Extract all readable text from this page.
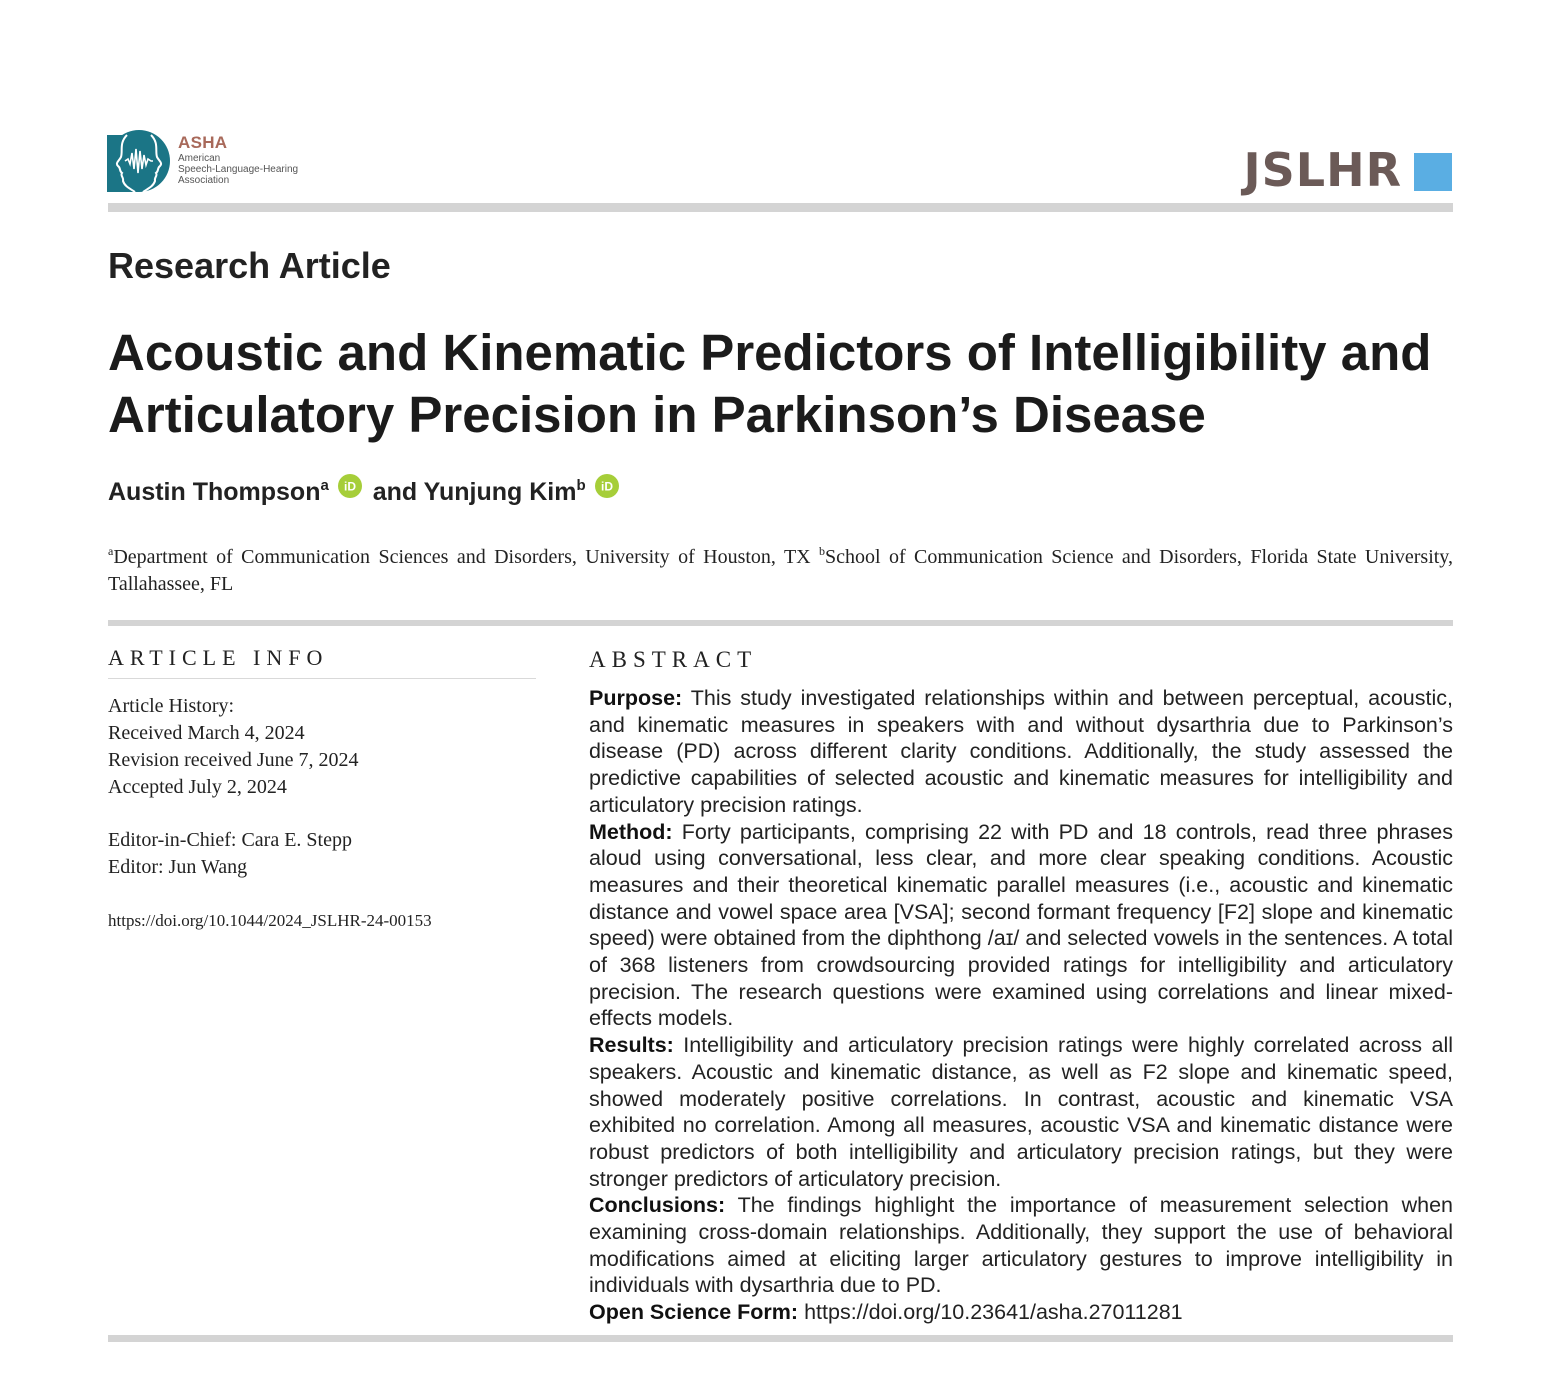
ASHA
American
Speech-Language-Hearing
Association	JSLHR
Research Article
Acoustic and Kinematic Predictors of Intelligibility and Articulatory Precision in Parkinson’s Disease
Austin Thompson$^a$ iD and Yunjung Kim$^b$ iD
$^a$Department of Communication Sciences and Disorders, University of Houston, TX $^b$School of Communication Science and Disorders, Florida State University, Tallahassee, FL
ARTICLE INFO
Article History:
Received March 4, 2024
Revision received June 7, 2024
Accepted July 2, 2024
Editor-in-Chief: Cara E. Stepp
Editor: Jun Wang
https://doi.org/10.1044/2024_JSLHR-24-00153
ABSTRACT

Purpose: This study investigated relationships within and between perceptual, acoustic, and kinematic measures in speakers with and without dysarthria due to Parkinson’s disease (PD) across different clarity conditions. Additionally, the study assessed the predictive capabilities of selected acoustic and kinematic measures for intelligibility and articulatory precision ratings.

Method: Forty participants, comprising 22 with PD and 18 controls, read three phrases aloud using conversational, less clear, and more clear speaking conditions. Acoustic measures and their theoretical kinematic parallel measures (i.e., acoustic and kinematic distance and vowel space area [VSA]; second formant frequency [F2] slope and kinematic speed) were obtained from the diphthong /aɪ/ and selected vowels in the sentences. A total of 368 listeners from crowdsourcing provided ratings for intelligibility and articulatory precision. The research questions were examined using correlations and linear mixed-effects models.

Results: Intelligibility and articulatory precision ratings were highly correlated across all speakers. Acoustic and kinematic distance, as well as F2 slope and kinematic speed, showed moderately positive correlations. In contrast, acoustic and kinematic VSA exhibited no correlation. Among all measures, acoustic VSA and kinematic distance were robust predictors of both intelligibility and articulatory precision ratings, but they were stronger predictors of articulatory precision.

Conclusions: The findings highlight the importance of measurement selection when examining cross-domain relationships. Additionally, they support the use of behavioral modifications aimed at eliciting larger articulatory gestures to improve intelligibility in individuals with dysarthria due to PD.

Open Science Form: https://doi.org/10.23641/asha.27011281
